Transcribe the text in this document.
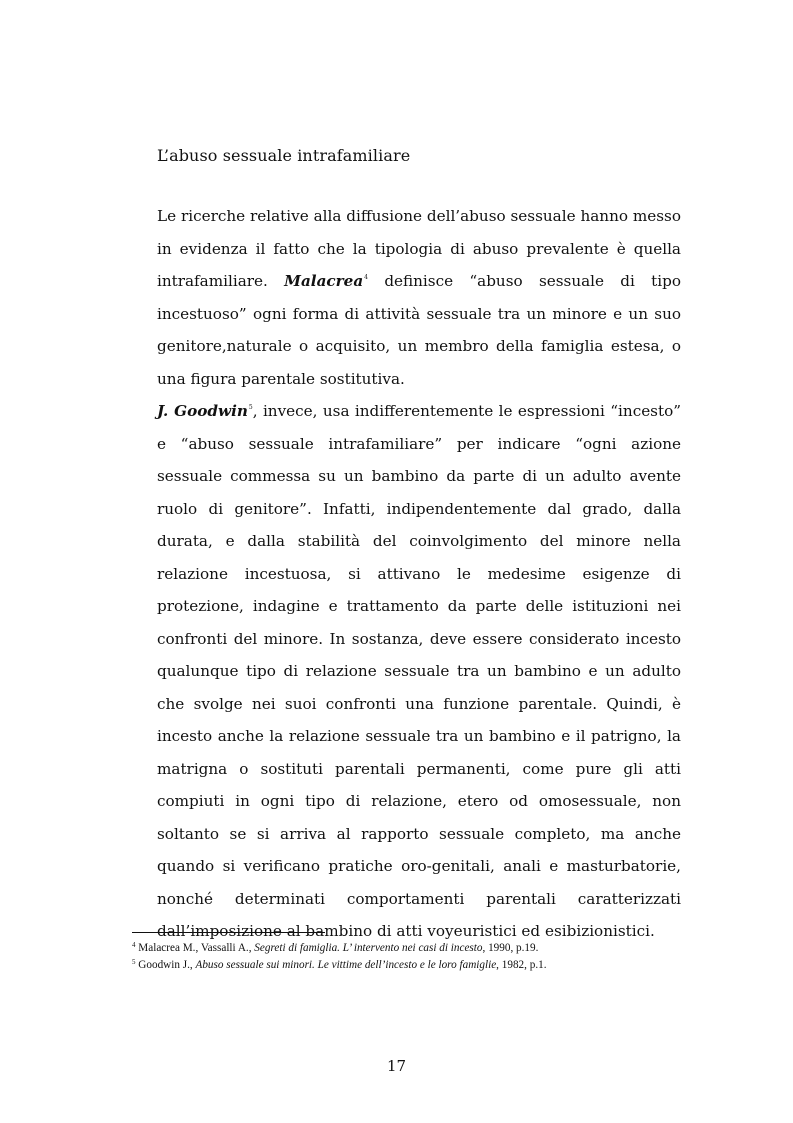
L’abuso sessuale intrafamiliare

Le ricerche relative alla diffusione dell’abuso sessuale hanno messo in evidenza il fatto che la tipologia di abuso prevalente è quella intrafamiliare. Malacrea$^4$ definisce “abuso sessuale di tipo incestuoso” ogni forma di attività sessuale tra un minore e un suo genitore,naturale o acquisito, un membro della famiglia estesa, o una figura parentale sostitutiva.

J. Goodwin$^5$, invece, usa indifferentemente le espressioni “incesto” e “abuso sessuale intrafamiliare” per indicare “ogni azione sessuale commessa su un bambino da parte di un adulto avente ruolo di genitore”. Infatti, indipendentemente dal grado, dalla durata, e dalla stabilità del coinvolgimento del minore nella relazione incestuosa, si attivano le medesime esigenze di protezione, indagine e trattamento da parte delle istituzioni nei confronti del minore. In sostanza, deve essere considerato incesto qualunque tipo di relazione sessuale tra un bambino e un adulto che svolge nei suoi confronti una funzione parentale. Quindi, è incesto anche la relazione sessuale tra un bambino e il patrigno, la matrigna o sostituti parentali permanenti, come pure gli atti compiuti in ogni tipo di relazione, etero od omosessuale, non soltanto se si arriva al rapporto sessuale completo, ma anche quando si verificano pratiche oro-genitali, anali e masturbatorie, nonché determinati comportamenti parentali caratterizzati dall’imposizione al bambino di atti voyeuristici ed esibizionistici.

$^4$ Malacrea M., Vassalli A., Segreti di famiglia. L’ intervento nei casi di incesto, 1990, p.19.
$^5$ Goodwin J., Abuso sessuale sui minori. Le vittime dell’incesto e le loro famiglie, 1982, p.1.
17
